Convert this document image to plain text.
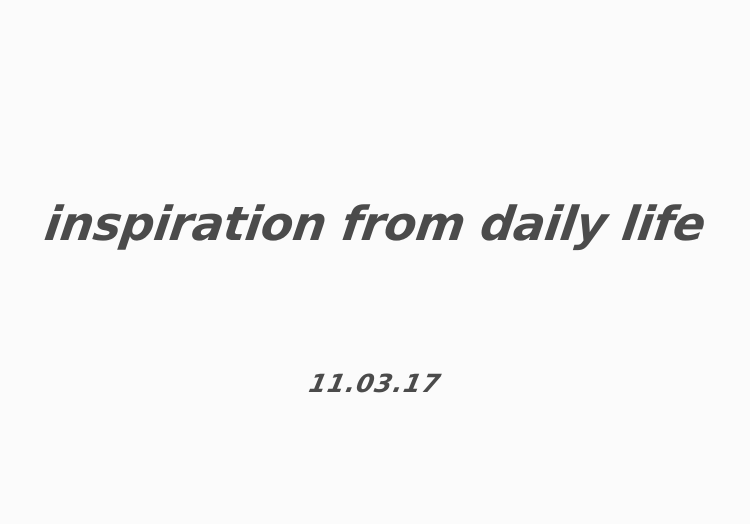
inspiration from daily life
11.03.17
